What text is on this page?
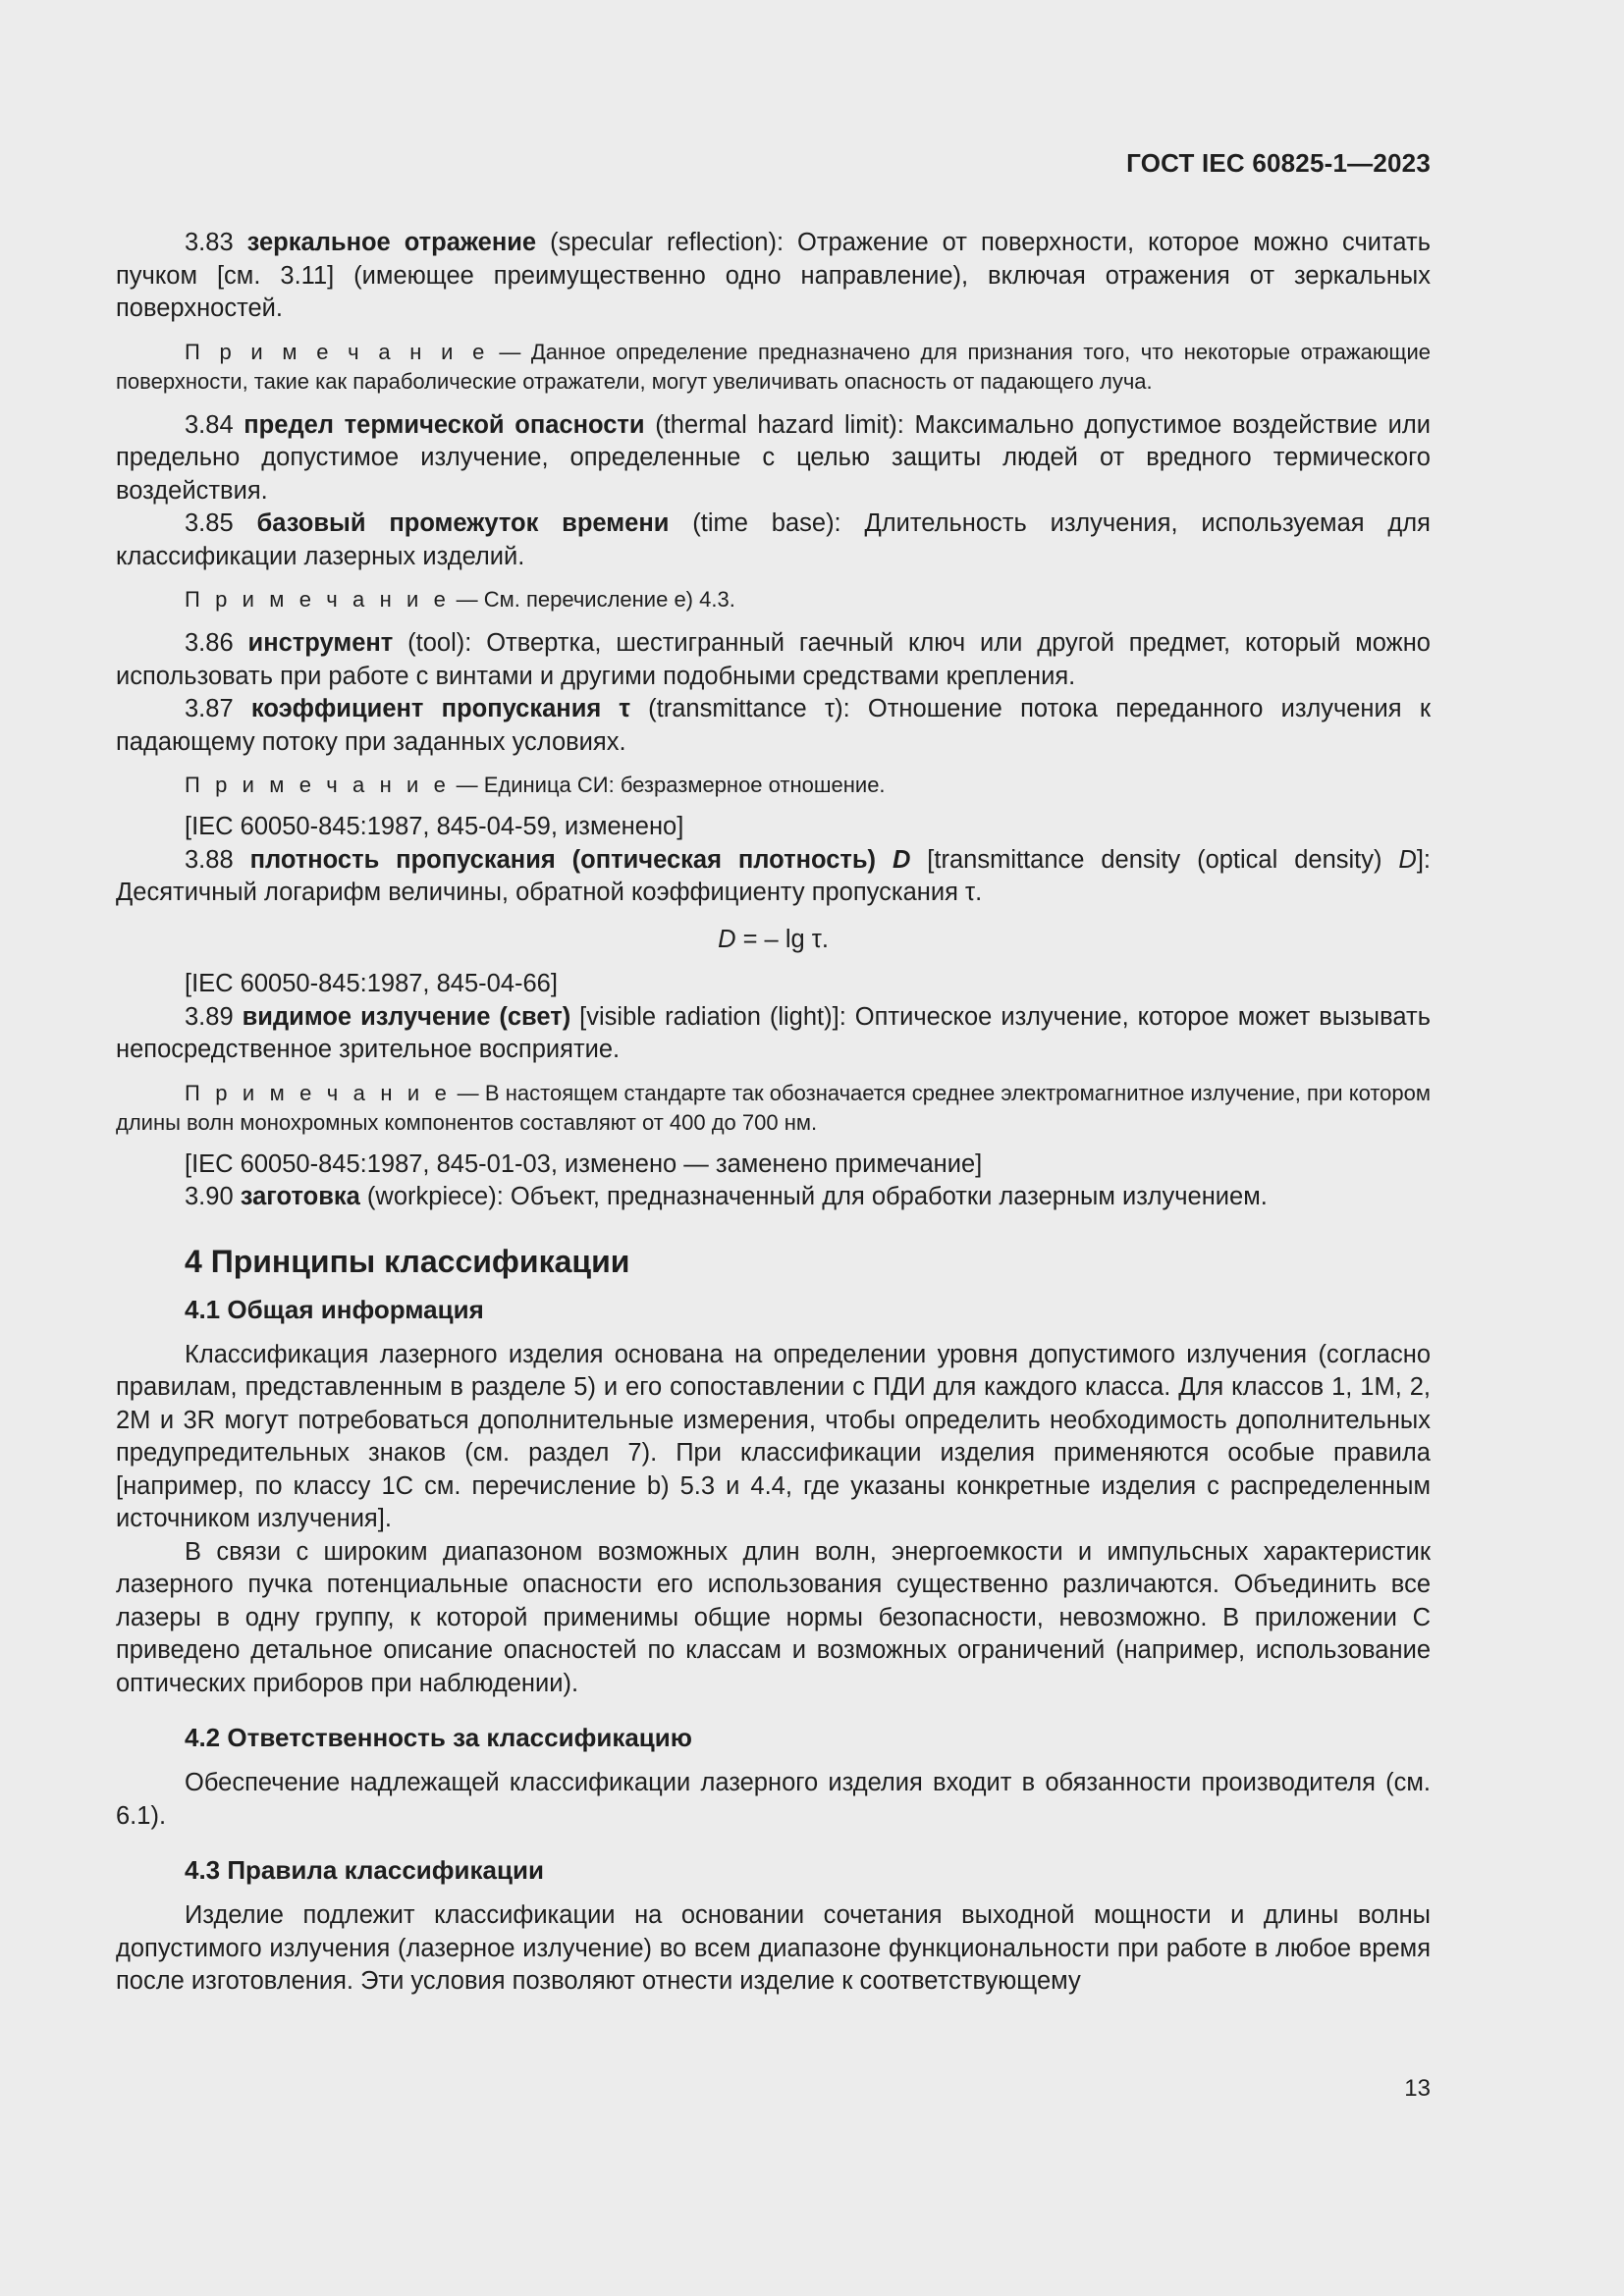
ГОСТ IEC 60825-1—2023

3.83 зеркальное отражение (specular reflection): Отражение от поверхности, которое можно считать пучком [см. 3.11] (имеющее преимущественно одно направление), включая отражения от зеркальных поверхностей.

П р и м е ч а н и е — Данное определение предназначено для признания того, что некоторые отражающие поверхности, такие как параболические отражатели, могут увеличивать опасность от падающего луча.

3.84 предел термической опасности (thermal hazard limit): Максимально допустимое воздействие или предельно допустимое излучение, определенные с целью защиты людей от вредного термического воздействия.

3.85 базовый промежуток времени (time base): Длительность излучения, используемая для классификации лазерных изделий.

П р и м е ч а н и е — См. перечисление е) 4.3.

3.86 инструмент (tool): Отвертка, шестигранный гаечный ключ или другой предмет, который можно использовать при работе с винтами и другими подобными средствами крепления.

3.87 коэффициент пропускания τ (transmittance τ): Отношение потока переданного излучения к падающему потоку при заданных условиях.

П р и м е ч а н и е — Единица СИ: безразмерное отношение.

[IEC 60050-845:1987, 845-04-59, изменено]

3.88 плотность пропускания (оптическая плотность) D [transmittance density (optical density) D]: Десятичный логарифм величины, обратной коэффициенту пропускания τ.

D = – lg τ.

[IEC 60050-845:1987, 845-04-66]

3.89 видимое излучение (свет) [visible radiation (light)]: Оптическое излучение, которое может вызывать непосредственное зрительное восприятие.

П р и м е ч а н и е — В настоящем стандарте так обозначается среднее электромагнитное излучение, при котором длины волн монохромных компонентов составляют от 400 до 700 нм.

[IEC 60050-845:1987, 845-01-03, изменено — заменено примечание]

3.90 заготовка (workpiece): Объект, предназначенный для обработки лазерным излучением.

4 Принципы классификации

4.1 Общая информация

Классификация лазерного изделия основана на определении уровня допустимого излучения (согласно правилам, представленным в разделе 5) и его сопоставлении с ПДИ для каждого класса. Для классов 1, 1М, 2, 2М и 3R могут потребоваться дополнительные измерения, чтобы определить необходимость дополнительных предупредительных знаков (см. раздел 7). При классификации изделия применяются особые правила [например, по классу 1С см. перечисление b) 5.3 и 4.4, где указаны конкретные изделия с распределенным источником излучения].

В связи с широким диапазоном возможных длин волн, энергоемкости и импульсных характеристик лазерного пучка потенциальные опасности его использования существенно различаются. Объединить все лазеры в одну группу, к которой применимы общие нормы безопасности, невозможно. В приложении С приведено детальное описание опасностей по классам и возможных ограничений (например, использование оптических приборов при наблюдении).

4.2 Ответственность за классификацию

Обеспечение надлежащей классификации лазерного изделия входит в обязанности производителя (см. 6.1).

4.3 Правила классификации

Изделие подлежит классификации на основании сочетания выходной мощности и длины волны допустимого излучения (лазерное излучение) во всем диапазоне функциональности при работе в любое время после изготовления. Эти условия позволяют отнести изделие к соответствующему

13
